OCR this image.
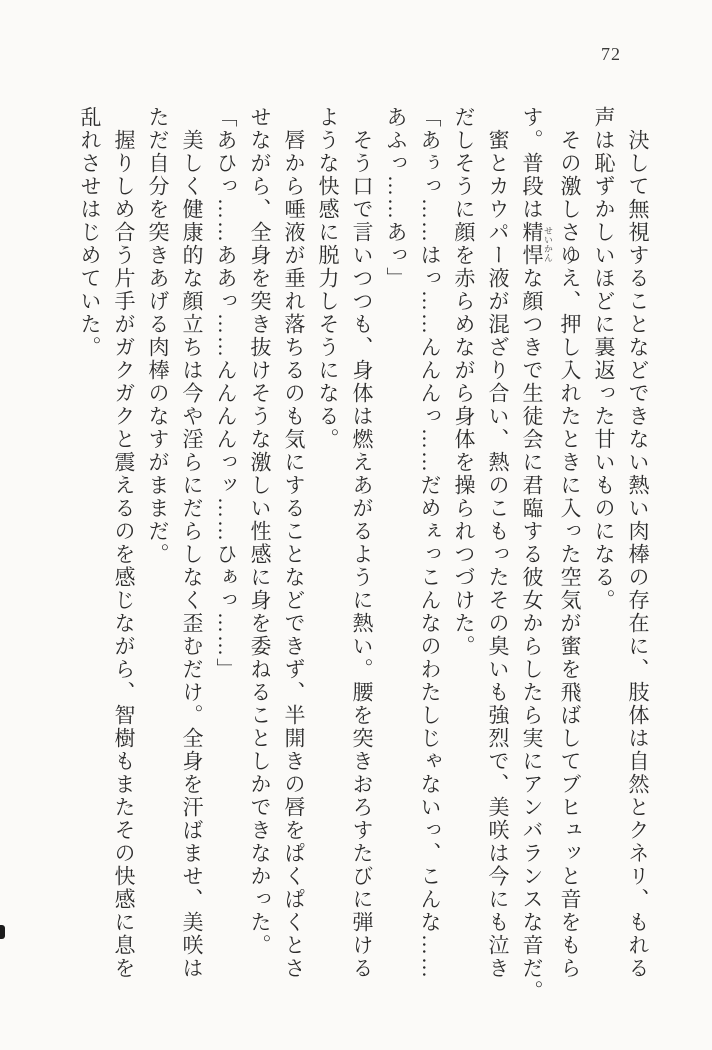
72
決して無視することなどできない熱い肉棒の存在に、肢体は自然とクネリ、もれる
声は恥ずかしいほどに裏返った甘いものになる。
その激しさゆえ、押し入れたときに入った空気が蜜を飛ばしてブヒュッと音をもら
す。普段は精悍 せいかんな顔つきで生徒会に君臨する彼女からしたら実にアンバランスな音だ。
蜜とカウパー液が混ざり合い、熱のこもったその臭いも強烈で、美咲は今にも泣き
だしそうに顔を赤らめながら身体を操られつづけた。
「あぅっ……はっ……んんんっ……だめぇっこんなのわたしじゃないっ、こんな……
あふっ……あっ」
そう口で言いつつも、身体は燃えあがるように熱い。腰を突きおろすたびに弾ける
ような快感に脱力しそうになる。
唇から唾液が垂れ落ちるのも気にすることなどできず、半開きの唇をぱくぱくとさ
せながら、全身を突き抜けそうな激しい性感に身を委ねることしかできなかった。
「あひっ……ああっ……んんんんっッ……ひぁっ……」
美しく健康的な顔立ちは今や淫らにだらしなく歪むだけ。全身を汗ばませ、美咲は
ただ自分を突きあげる肉棒のなすがままだ。
握りしめ合う片手がガクガクと震えるのを感じながら、智樹もまたその快感に息を
乱れさせはじめていた。
